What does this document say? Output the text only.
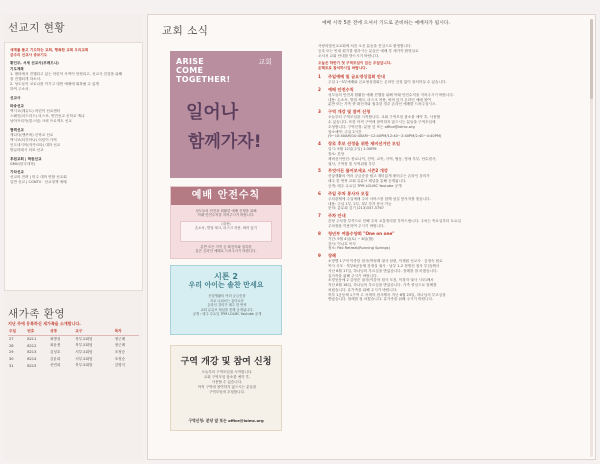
선교지 현황
세계를 품고 기도하는 교회, 행복한 교회 우리교회
금주의 선교사 중보기도
황인주, 서세 선교사(프레드니)
기도제목
1. 센터에서 진행되고 있는 어린이 사역이 안정되고, 선교사 건강을 위해
잘 진행되게 하소서.
2. 성도들이 코로나를 이기고 대면 예배에 회복될 수 있게
하여 주소서.
선교사
파송선교
멕시코(레듀트) 어린이 선교센터
스페인(마드리드) 마스포, 빈민선교 신학교 케냐
남아프리카(킹스턴) 크릭 프로젝트 선교
협력선교
캐나다(밴쿠버) 신학교 선교
멕시코(티후아나) 어린이 사역
인도네시아(자카르타) 대학 선교
방글라데시 의료 선교
후원교회 | 학원선교
GMU(한국대학)
기타선교
선교의 전략 | 미주 대학 연합 선교회
일반 선교 | CGNTV · 선교정책 예배
새가족 환영
지난 주에 등록하신 새가족을 소개합니다.
주일	번호	성명	교구	목자
27	8211	최병성	북부교회팀	정근례
28	8212	최윤정	북부교회팀	정근례
29	8213	김성호	서부교회팀	조정승
30	8214	김윤희	서부교회팀	조정승
31	8215	신연희	북부교회팀	김명식
교회 소식
예배 시작 5분 전에 오셔서 기도로 준비하는 예배자가 됩시다.
ARISE
COME
TOGETHER!
교회
일어나
함께가자!
예배 안전수칙
성도들의 안전과 원활한 예배 진행을 위해
아래 안전수칙을 지켜주시기 바랍니다.
(내용)
손소독, 발열 체크, 마스크 착용, 띄어 앉기
분반 모든 가족 등 확진자와 접촉한
분은 온라인 예배로 드려주시기 바랍니다.
시톤 2
우리 아이는 솔찬 만세요
신앙생활의 여러 궁금증을
서로 나눠보는 흥미로운
온라인 강의가 매주 한 번씩
교회 유튜브 채널을 통해 공개됩니다.
공개 : 매주 수요일 7PM LOLMC Youtube 공개
구역 개강 및 참여 신청
오늘부터 구역모임을 시작합니다.
교회 구역모임 참소를 예약 후,
사용할 수 있습니다.
아직 구역에 참여하지 않으시는 분들을
구역모임에 초청합니다.
구역신청: 분당 앞 또는 office@lolmc.org
사랑의빛선교교회에 처음 오신 분들을 진심으로 환영합니다.
등록 또는 안내 원기를 원하시는 분들은 예배 후 새가족 환영실로
오셔서 교회 안내를 받으시기 바랍니다.
오늘은 하반기 첫 구역모임이 있는 주일입니다.
온택트로 참석하시길 바랍니다.
1 주일예배 및 금요영성집회 안내
주일 1~3부예배와 금요영성집회는 온라인 신청 없이 참석하실 수 있습니다.
2 예배 안전수칙
성도들의 안전과 원활한 예배 진행을 위해 아래 안전수칙을 지켜주시기 바랍니다.
내용: 손소독, 발열 체크, 마스크 착용, 띄어 앉기 온라인 예배 참여
분반 또는 가족 중 확진자와 접촉한 경우 온라인 예배를 드려주십시오.
3 구역 개강 및 참여 신청
오늘부터 구역모임을 시작합니다. 교회 구역모임 참소를 예약 후, 사용할
수 있습니다. 또한 아직 구역에 참여하지 않으시는 분들을 구역모임에
초청합니다. 구역신청: 분당 앞 또는 office@lolmc.org
참소예약: 주일 2시간
(9~10:40AM/10:40AM~12:40PM/12:40~2:40PM/2:40~4:40PM)
4 장로 후보 선정을 위한 제비선거안 모임
일시: 9월 12일(주일) 1:30PM
장소: 본당
제비선거안건: 장로나이, 전목, 교목, 사역, 협동, 영애 부부, 안수집사,
권사, 구역장 및 사역위원 부부
5 무엇이든 물어보세요 시즌2 개강
신앙생활의 여러 궁금증을 쉽고 재미있게 풀어주는 온라인 강의가
매주 한 번씩 교회 유튜브 채널을 통해 공개됩니다.
공개: 매주 수요일 7PM LOLMC Youtube 공개
6 주일 주차 봉사자 모집
주차관제에 주일예배 주차 서비스를 함께 섬길 봉사자를 찾습니다.
내용: 주일 1부, 2부, 3부 각각 봉사 가능
문의: 총무회 김기 (213)337-5767
7 주차 안내
본당 주차장 부족으로 인해 주차 교통정리를 부탁드립니다. 주차는 목요일부터 토요일
주차장을 이용하여 주시기 바랍니다.
8 청년부 여름수양회 "One on one"
기간: 9월 4일(토) ~ 6일(월)
강사: 이나호 목사
장소: Pali Retreat(Running Springs)
9 장례
소망엔 1구역 이종한 집사(박정례 권사 남편, 이재원 선교사 · 김정숙 원로
목사 사모 · 북부6공동체 강정실 권사 · 남부 1-2 정명선 집사 부친)께서
지난 8월 17일, 하나님의 부르심을 받았습니다. 장례를 잘 마쳤습니다.
유가족을 위해 주시기 바랍니다.
소망동동에 2 김영순 권사(이강학 집사 모친, 이경자 권사 시모)께서
지난 8월 18일, 하나님의 부르심을 받았습니다. 가족 중심으로 장례를
치렀습니다. 유가족을 위해 주시기 바랍니다.
북부 1공동체 1구역 고 서재학 집사께서 지난 8월 23일, 하나님의 부르심을
받았습니다. 장례를 잘 마쳤습니다. 유가족을 위해 주시기 바랍니다.
